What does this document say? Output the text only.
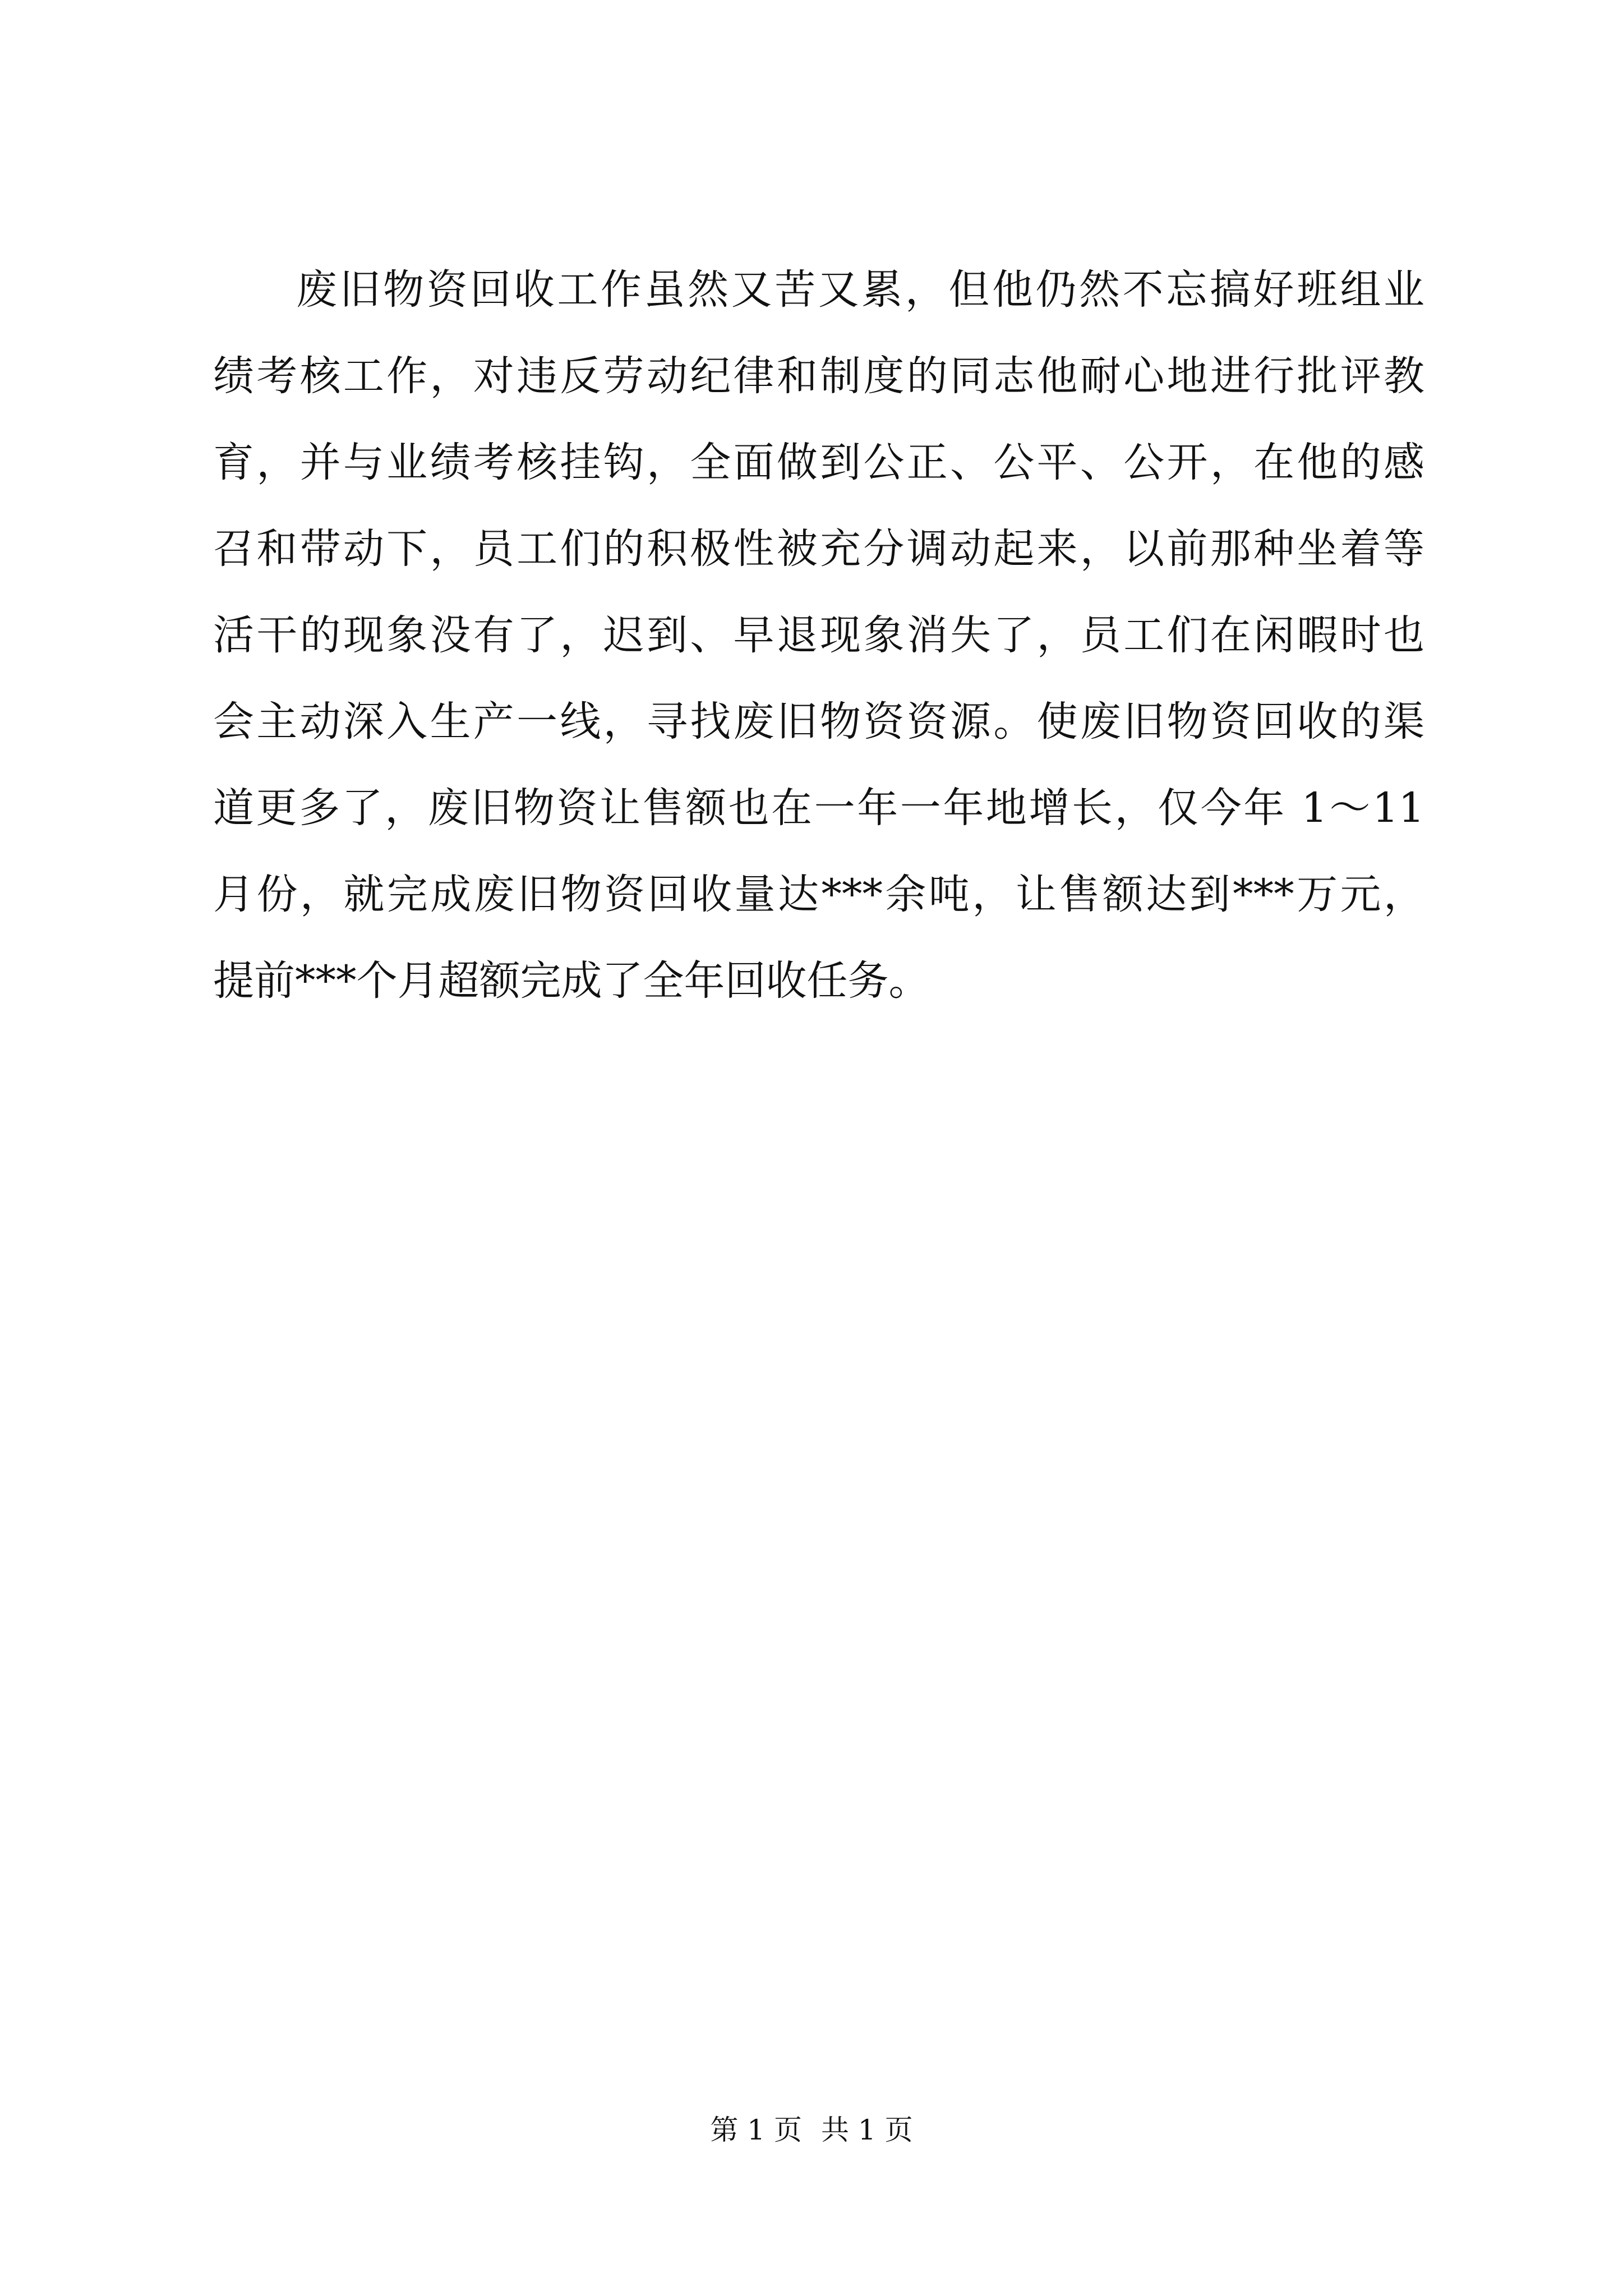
废旧物资回收工作虽然又苦又累，但他仍然不忘搞好班组业
绩考核工作，对违反劳动纪律和制度的同志他耐心地进行批评教
育，并与业绩考核挂钩，全面做到公正、公平、公开，在他的感
召和带动下，员工们的积极性被充分调动起来，以前那种坐着等
活干的现象没有了，迟到、早退现象消失了，员工们在闲暇时也
会主动深入生产一线，寻找废旧物资资源。使废旧物资回收的渠
道更多了，废旧物资让售额也在一年一年地增长，仅今年 1～11
月份，就完成废旧物资回收量达***余吨，让售额达到***万元，
提前***个月超额完成了全年回收任务。
第 1 页 共 1 页
